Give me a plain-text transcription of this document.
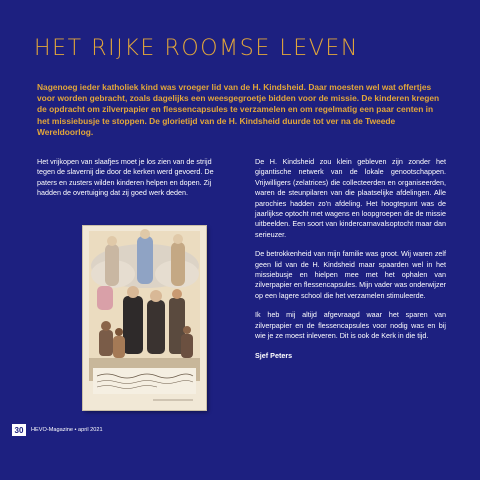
HET RIJKE ROOMSE LEVEN

Nagenoeg ieder katholiek kind was vroeger lid van de H. Kindsheid. Daar moesten wel wat offertjes voor worden gebracht, zoals dagelijks een weesgegroetje bidden voor de missie. De kinderen kregen de opdracht om zilverpapier en flessencapsules te verzamelen en om regelmatig een paar centen in het missiebusje te stoppen. De glorietijd van de H. Kindsheid duurde tot ver na de Tweede Wereldoorlog.

Het vrijkopen van slaafjes moet je los zien van de strijd tegen de slavernij die door de kerken werd gevoerd. De paters en zusters wilden kinderen helpen en dopen. Zij hadden de overtuiging dat zij goed werk deden.

De H. Kindsheid zou klein gebleven zijn zonder het gigantische netwerk van de lokale genootschappen. Vrijwilligers (zelatrices) die collecteerden en organiseerden, waren de steunpilaren van die plaatselijke afdelingen. Alle parochies hadden zo'n afdeling. Het hoogtepunt was de jaarlijkse optocht met wagens en loopgroepen die de missie uitbeelden. Een soort van kindercarnavalsoptocht maar dan serieuzer.

De betrokkenheid van mijn familie was groot. Wij waren zelf geen lid van de H. Kindsheid maar spaarden wel in het missiebusje en hielpen mee met het ophalen van zilverpapier en flessencapsules. Mijn vader was onderwijzer op een lagere school die het verzamelen stimuleerde.

Ik heb mij altijd afgevraagd waar het sparen van zilverpapier en de flessencapsules voor nodig was en bij wie je ze moest inleveren. Dit is ook de Kerk in die tijd.

Sjef Peters

30	HEVO-Magazine • april 2021
